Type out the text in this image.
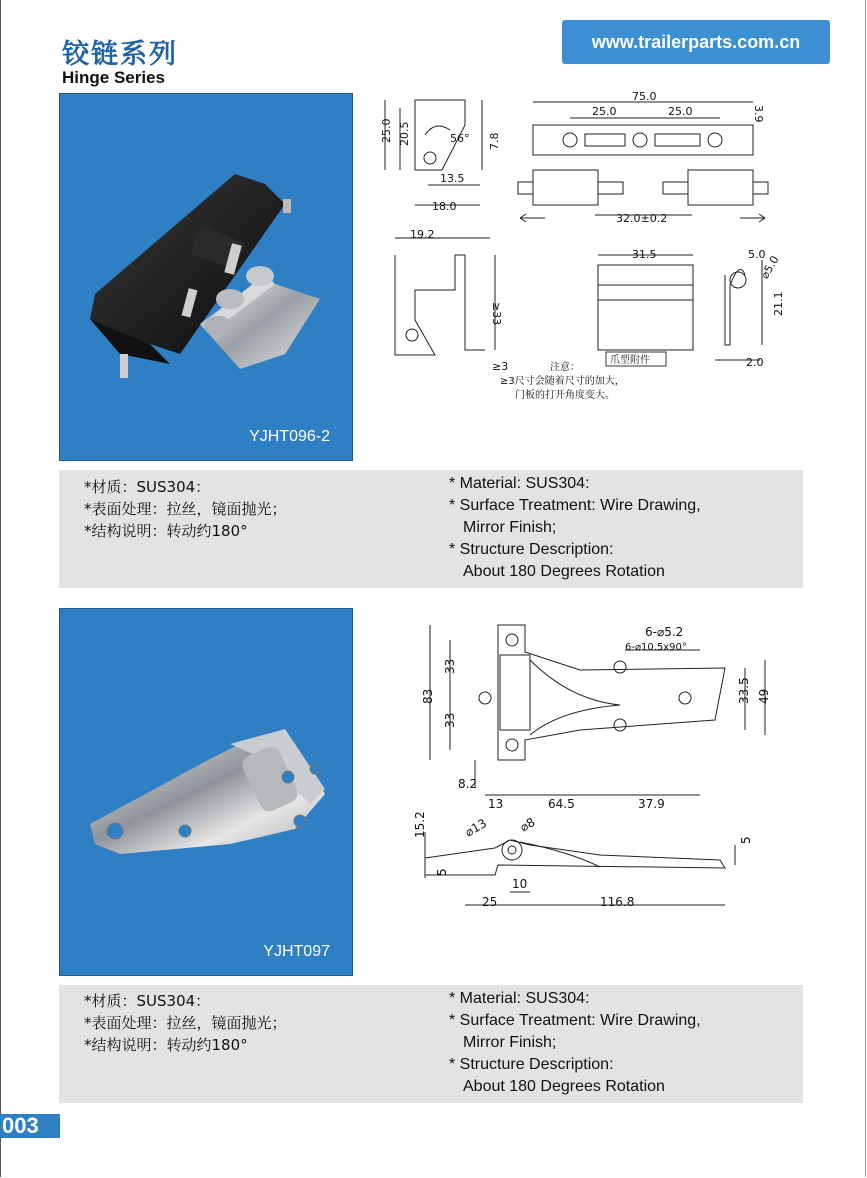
铰链系列
Hinge Series
www.trailerparts.com.cn
YJHT096-2
25.0 20.5	56° 7.8
13.5
18.0
75.0
3.9
25.0	25.0
32.0±0.2
19.2
≥33
≥3
31.5	5.0
⌀5.0
21.1
2.0
爪型附件
注意：
≥3尺寸会随着尺寸的加大，
门板的打开角度变大。
*材质：SUS304：
*表面处理：拉丝，镜面抛光；
*结构说明：转动约180°
* Material: SUS304:
* Surface Treatment: Wire Drawing,
Mirror Finish;
* Structure Description:
About 180 Degrees Rotation
YJHT097
6-⌀5.2
6-⌀10.5x90°
83
33
33
33.5 49
8.2
13	64.5	37.9
15.2	⌀13 ⌀8
5
5
10
25	116.8
*材质：SUS304：
*表面处理：拉丝，镜面抛光；
*结构说明：转动约180°
* Material: SUS304:
* Surface Treatment: Wire Drawing,
Mirror Finish;
* Structure Description:
About 180 Degrees Rotation
003
